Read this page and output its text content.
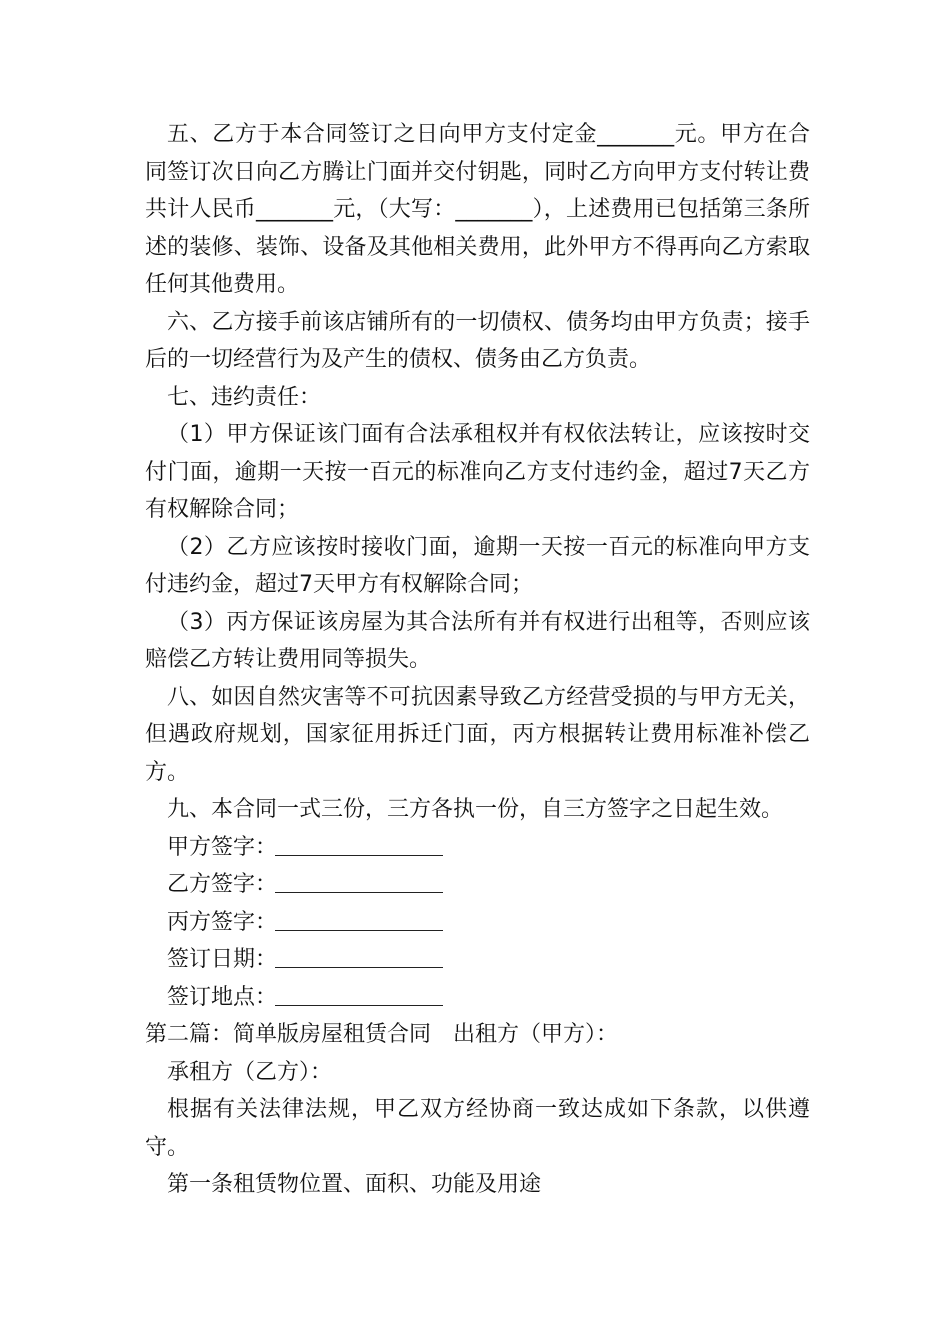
五、乙方于本合同签订之日向甲方支付定金_______元。甲方在合同签订次日向乙方腾让门面并交付钥匙，同时乙方向甲方支付转让费共计人民币_______元，（大写：_______），上述费用已包括第三条所述的装修、装饰、设备及其他相关费用，此外甲方不得再向乙方索取任何其他费用。

六、乙方接手前该店铺所有的一切债权、债务均由甲方负责；接手后的一切经营行为及产生的债权、债务由乙方负责。

七、违约责任：

（1）甲方保证该门面有合法承租权并有权依法转让，应该按时交付门面，逾期一天按一百元的标准向乙方支付违约金，超过7天乙方有权解除合同；

（2）乙方应该按时接收门面，逾期一天按一百元的标准向甲方支付违约金，超过7天甲方有权解除合同；

（3）丙方保证该房屋为其合法所有并有权进行出租等，否则应该赔偿乙方转让费用同等损失。

八、如因自然灾害等不可抗因素导致乙方经营受损的与甲方无关，但遇政府规划，国家征用拆迁门面，丙方根据转让费用标准补偿乙方。

九、本合同一式三份，三方各执一份，自三方签字之日起生效。

甲方签字：
乙方签字：
丙方签字：
签订日期：
签订地点：

第二篇：简单版房屋租赁合同 出租方（甲方）：

承租方（乙方）：

根据有关法律法规，甲乙双方经协商一致达成如下条款，以供遵守。

第一条租赁物位置、面积、功能及用途
